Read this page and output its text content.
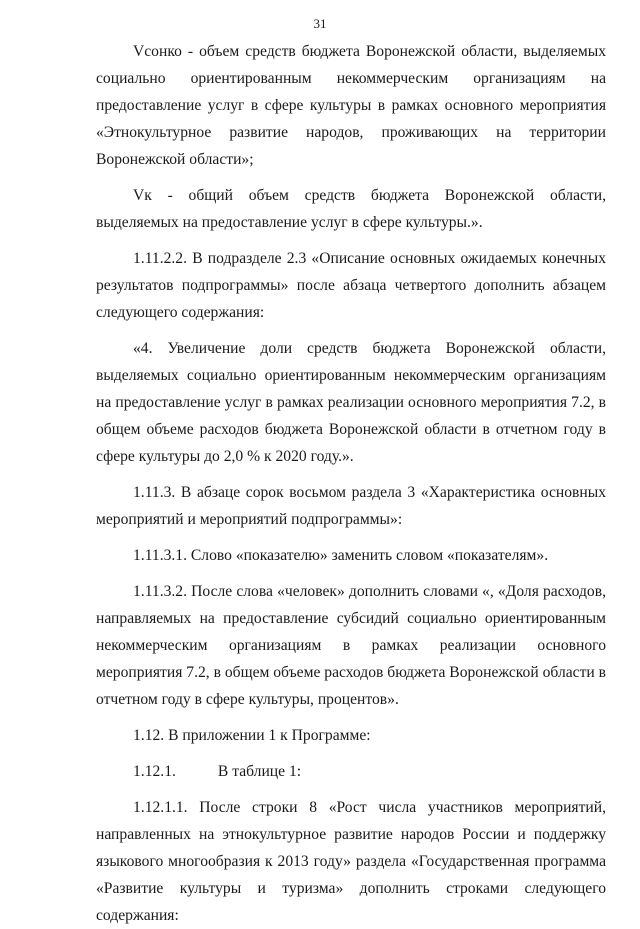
31

Vсонко - объем средств бюджета Воронежской области, выделяемых социально ориентированным некоммерческим организациям на предоставление услуг в сфере культуры в рамках основного мероприятия «Этнокультурное развитие народов, проживающих на территории Воронежской области»;

Vк - общий объем средств бюджета Воронежской области, выделяемых на предоставление услуг в сфере культуры.».

1.11.2.2. В подразделе 2.3 «Описание основных ожидаемых конечных результатов подпрограммы» после абзаца четвертого дополнить абзацем следующего содержания:

«4. Увеличение доли средств бюджета Воронежской области, выделяемых социально ориентированным некоммерческим организациям на предоставление услуг в рамках реализации основного мероприятия 7.2, в общем объеме расходов бюджета Воронежской области в отчетном году в сфере культуры до 2,0 % к 2020 году.».

1.11.3. В абзаце сорок восьмом раздела 3 «Характеристика основных мероприятий и мероприятий подпрограммы»:

1.11.3.1. Слово «показателю» заменить словом «показателям».

1.11.3.2. После слова «человек» дополнить словами «, «Доля расходов, направляемых на предоставление субсидий социально ориентированным некоммерческим организациям в рамках реализации основного мероприятия 7.2, в общем объеме расходов бюджета Воронежской области в отчетном году в сфере культуры, процентов».

1.12. В приложении 1 к Программе:

1.12.1.	В таблице 1:

1.12.1.1. После строки 8 «Рост числа участников мероприятий, направленных на этнокультурное развитие народов России и поддержку языкового многообразия к 2013 году» раздела «Государственная программа «Развитие культуры и туризма» дополнить строками следующего содержания:
